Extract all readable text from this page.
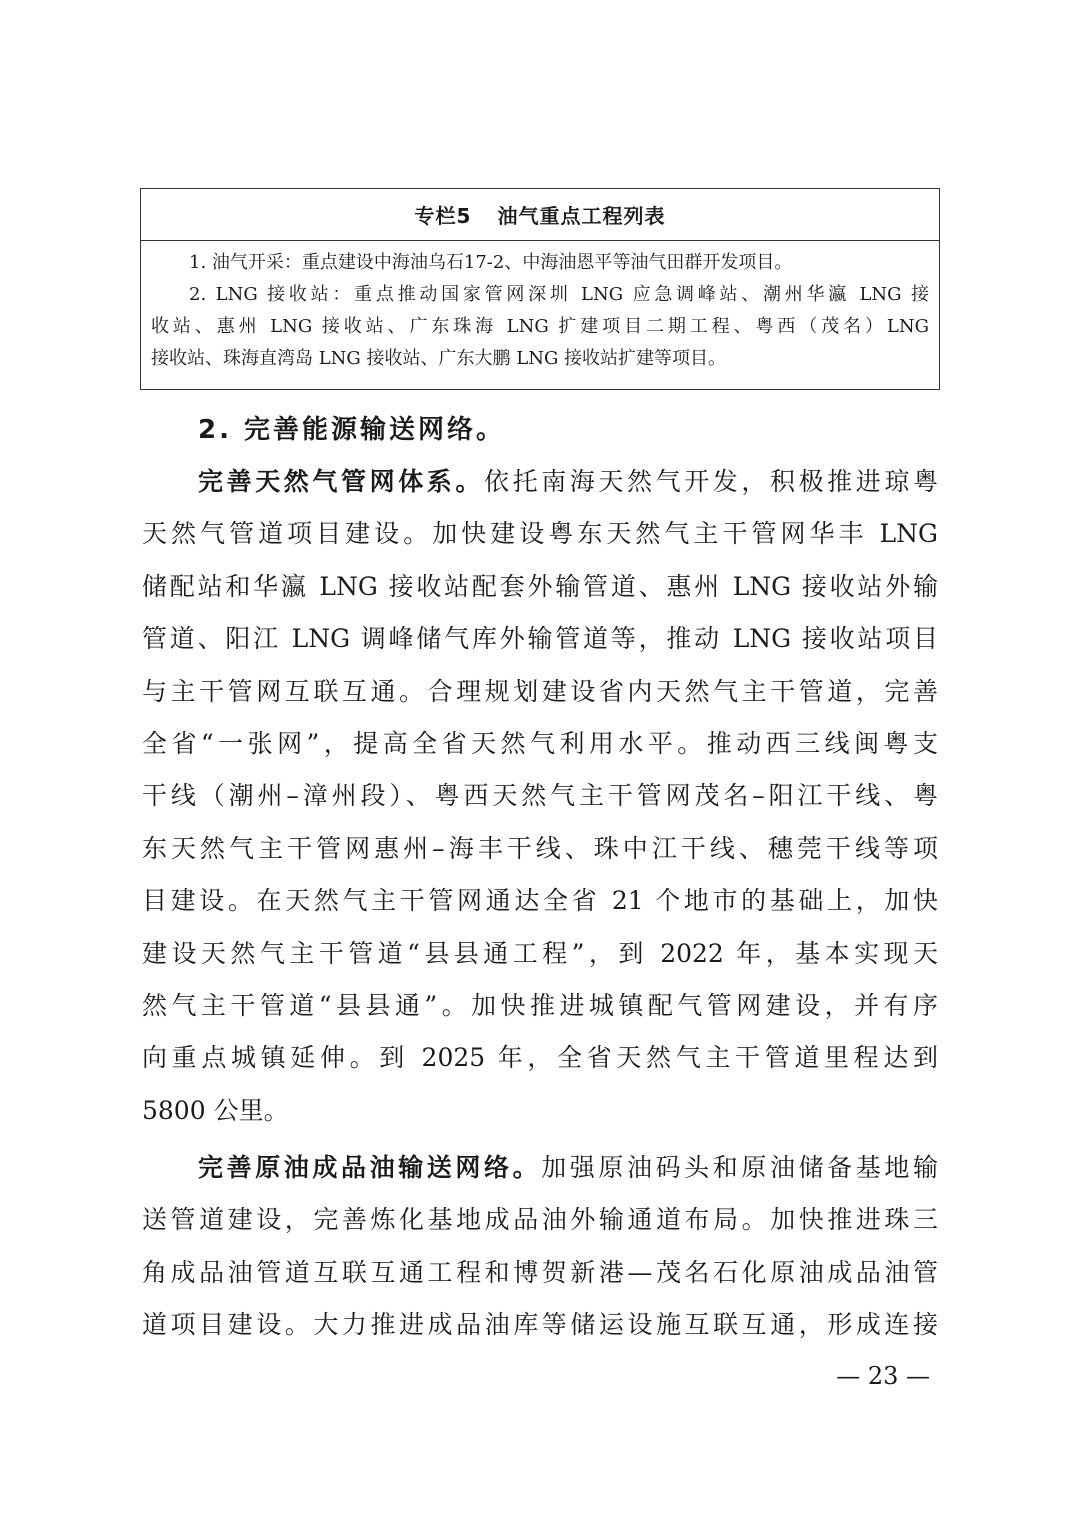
专栏5 油气重点工程列表

1. 油气开采：重点建设中海油乌石17-2、中海油恩平等油气田群开发项目。

2. LNG 接收站：重点推动国家管网深圳 LNG 应急调峰站、潮州华瀛 LNG 接

收站、惠州 LNG 接收站、广东珠海 LNG 扩建项目二期工程、粤西（茂名）LNG

接收站、珠海直湾岛 LNG 接收站、广东大鹏 LNG 接收站扩建等项目。

2. 完善能源输送网络。

完善天然气管网体系。依托南海天然气开发，积极推进琼粤

天然气管道项目建设。加快建设粤东天然气主干管网华丰 LNG

储配站和华瀛 LNG 接收站配套外输管道、惠州 LNG 接收站外输

管道、阳江 LNG 调峰储气库外输管道等，推动 LNG 接收站项目

与主干管网互联互通。合理规划建设省内天然气主干管道，完善

全省“一张网”，提高全省天然气利用水平。推动西三线闽粤支

干线（潮州–漳州段）、粤西天然气主干管网茂名–阳江干线、粤

东天然气主干管网惠州–海丰干线、珠中江干线、穗莞干线等项

目建设。在天然气主干管网通达全省 21 个地市的基础上，加快

建设天然气主干管道“县县通工程”，到 2022 年，基本实现天

然气主干管道“县县通”。加快推进城镇配气管网建设，并有序

向重点城镇延伸。到 2025 年，全省天然气主干管道里程达到

5800 公里。

完善原油成品油输送网络。加强原油码头和原油储备基地输

送管道建设，完善炼化基地成品油外输通道布局。加快推进珠三

角成品油管道互联互通工程和博贺新港—茂名石化原油成品油管

道项目建设。大力推进成品油库等储运设施互联互通，形成连接

— 23 —
